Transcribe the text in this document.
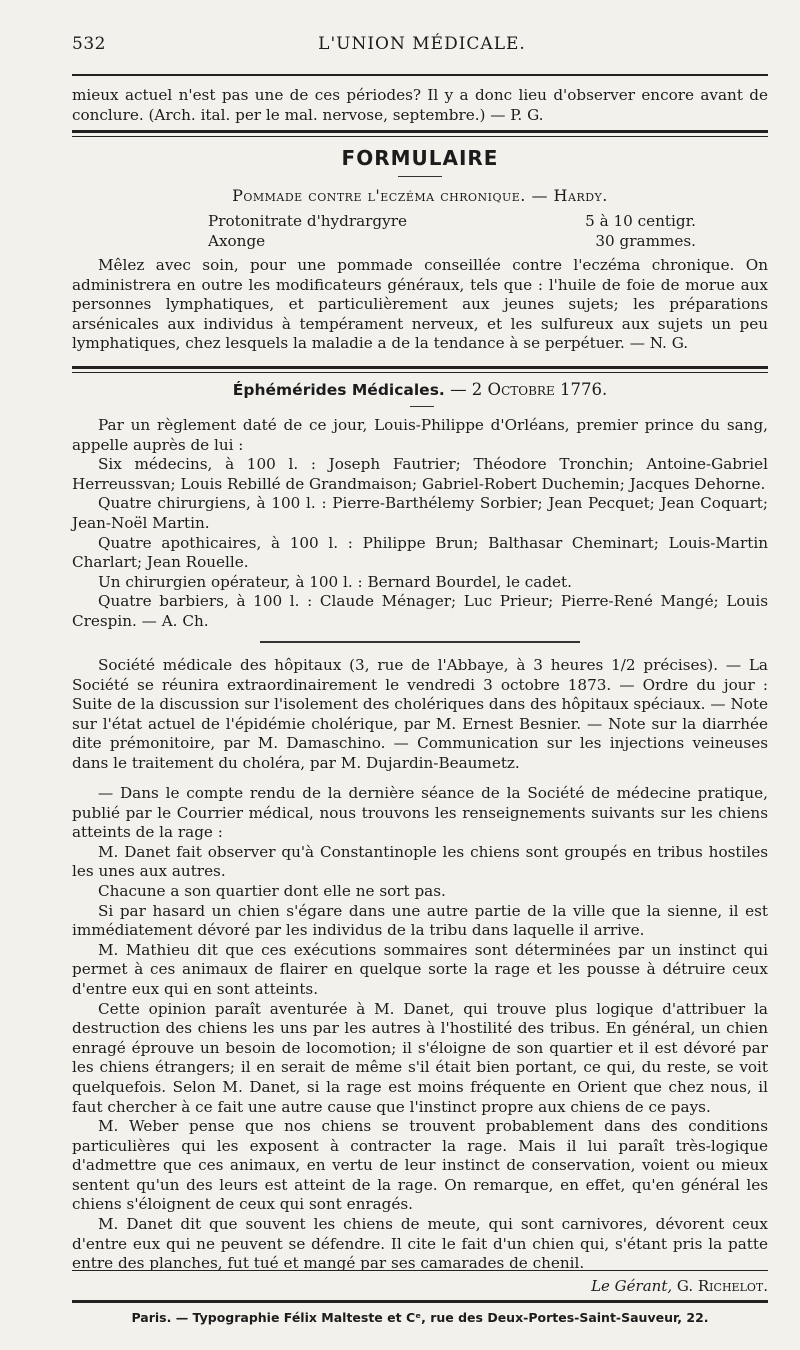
532	L'UNION MÉDICALE.

mieux actuel n'est pas une de ces périodes? Il y a donc lieu d'observer encore avant de conclure. (Arch. ital. per le mal. nervose, septembre.) — P. G.

FORMULAIRE
Pommade contre l'eczéma chronique. — Hardy.
Protonitrate d'hydrargyre	5 à 10 centigr.
Axonge	30 grammes.

Mêlez avec soin, pour une pommade conseillée contre l'eczéma chronique. On administrera en outre les modificateurs généraux, tels que : l'huile de foie de morue aux personnes lymphatiques, et particulièrement aux jeunes sujets; les préparations arsénicales aux individus à tempérament nerveux, et les sulfureux aux sujets un peu lymphatiques, chez lesquels la maladie a de la tendance à se perpétuer. — N. G.

Éphémérides Médicales. — 2 Octobre 1776.

Par un règlement daté de ce jour, Louis-Philippe d'Orléans, premier prince du sang, appelle auprès de lui :

Six médecins, à 100 l. : Joseph Fautrier; Théodore Tronchin; Antoine-Gabriel Herreussvan; Louis Rebillé de Grandmaison; Gabriel-Robert Duchemin; Jacques Dehorne.

Quatre chirurgiens, à 100 l. : Pierre-Barthélemy Sorbier; Jean Pecquet; Jean Coquart; Jean-Noël Martin.

Quatre apothicaires, à 100 l. : Philippe Brun; Balthasar Cheminart; Louis-Martin Charlart; Jean Rouelle.

Un chirurgien opérateur, à 100 l. : Bernard Bourdel, le cadet.

Quatre barbiers, à 100 l. : Claude Ménager; Luc Prieur; Pierre-René Mangé; Louis Crespin. — A. Ch.

Société médicale des hôpitaux (3, rue de l'Abbaye, à 3 heures 1/2 précises). — La Société se réunira extraordinairement le vendredi 3 octobre 1873. — Ordre du jour : Suite de la discussion sur l'isolement des cholériques dans des hôpitaux spéciaux. — Note sur l'état actuel de l'épidémie cholérique, par M. Ernest Besnier. — Note sur la diarrhée dite prémonitoire, par M. Damaschino. — Communication sur les injections veineuses dans le traitement du choléra, par M. Dujardin-Beaumetz.

— Dans le compte rendu de la dernière séance de la Société de médecine pratique, publié par le Courrier médical, nous trouvons les renseignements suivants sur les chiens atteints de la rage :

M. Danet fait observer qu'à Constantinople les chiens sont groupés en tribus hostiles les unes aux autres.

Chacune a son quartier dont elle ne sort pas.

Si par hasard un chien s'égare dans une autre partie de la ville que la sienne, il est immédiatement dévoré par les individus de la tribu dans laquelle il arrive.

M. Mathieu dit que ces exécutions sommaires sont déterminées par un instinct qui permet à ces animaux de flairer en quelque sorte la rage et les pousse à détruire ceux d'entre eux qui en sont atteints.

Cette opinion paraît aventurée à M. Danet, qui trouve plus logique d'attribuer la destruction des chiens les uns par les autres à l'hostilité des tribus. En général, un chien enragé éprouve un besoin de locomotion; il s'éloigne de son quartier et il est dévoré par les chiens étrangers; il en serait de même s'il était bien portant, ce qui, du reste, se voit quelquefois. Selon M. Danet, si la rage est moins fréquente en Orient que chez nous, il faut chercher à ce fait une autre cause que l'instinct propre aux chiens de ce pays.

M. Weber pense que nos chiens se trouvent probablement dans des conditions particulières qui les exposent à contracter la rage. Mais il lui paraît très-logique d'admettre que ces animaux, en vertu de leur instinct de conservation, voient ou mieux sentent qu'un des leurs est atteint de la rage. On remarque, en effet, qu'en général les chiens s'éloignent de ceux qui sont enragés.

M. Danet dit que souvent les chiens de meute, qui sont carnivores, dévorent ceux d'entre eux qui ne peuvent se défendre. Il cite le fait d'un chien qui, s'étant pris la patte entre des planches, fut tué et mangé par ses camarades de chenil.

Le Gérant, G. Richelot.
Paris. — Typographie Félix Malteste et Cᵉ, rue des Deux-Portes-Saint-Sauveur, 22.
